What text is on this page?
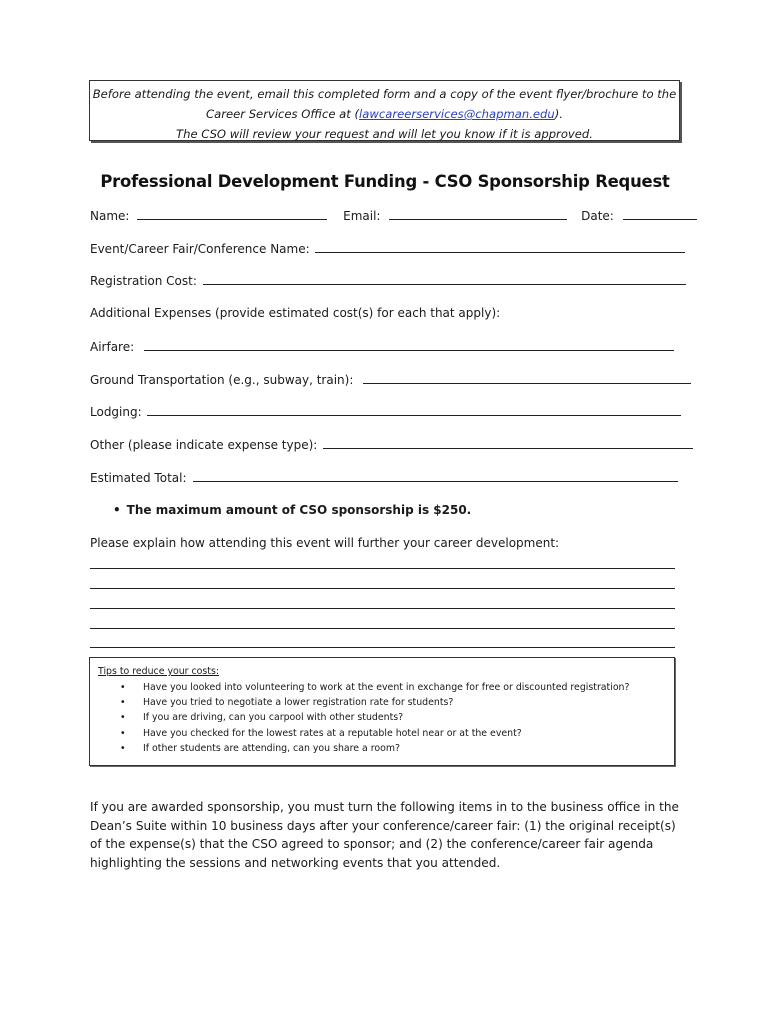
Before attending the event, email this completed form and a copy of the event flyer/brochure to the
Career Services Office at (lawcareerservices@chapman.edu).
The CSO will review your request and will let you know if it is approved.
Professional Development Funding - CSO Sponsorship Request
Name:	Email:	Date:
Event/Career Fair/Conference Name:
Registration Cost:
Additional Expenses (provide estimated cost(s) for each that apply):
Airfare:
Ground Transportation (e.g., subway, train):
Lodging:
Other (please indicate expense type):
Estimated Total:
• The maximum amount of CSO sponsorship is $250.
Please explain how attending this event will further your career development:
Tips to reduce your costs:
• Have you looked into volunteering to work at the event in exchange for free or discounted registration?
• Have you tried to negotiate a lower registration rate for students?
• If you are driving, can you carpool with other students?
• Have you checked for the lowest rates at a reputable hotel near or at the event?
• If other students are attending, can you share a room?
If you are awarded sponsorship, you must turn the following items in to the business office in the Dean’s Suite within 10 business days after your conference/career fair: (1) the original receipt(s) of the expense(s) that the CSO agreed to sponsor; and (2) the conference/career fair agenda highlighting the sessions and networking events that you attended.
